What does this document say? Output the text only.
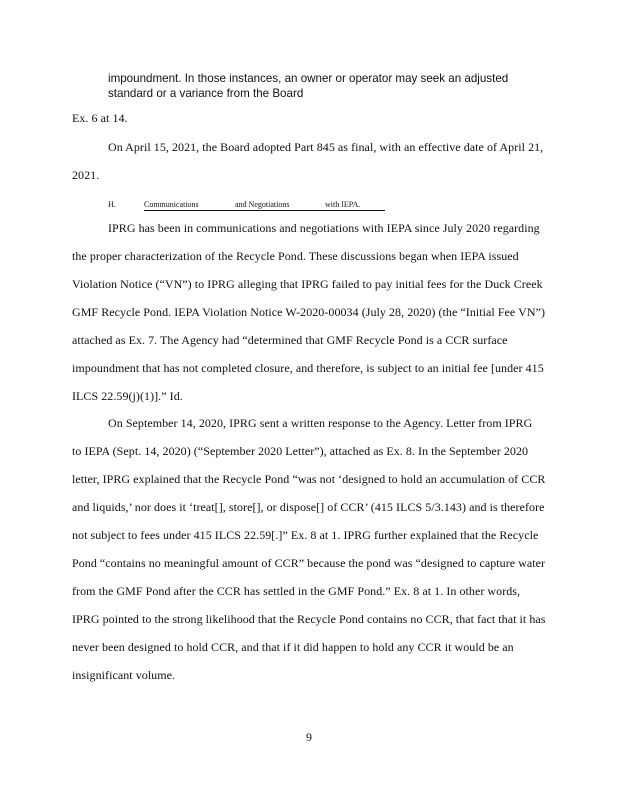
impoundment. In those instances, an owner or operator may seek an adjusted
standard or a variance from the Board
Ex. 6 at 14.
On April 15, 2021, the Board adopted Part 845 as final, with an effective date of April 21,
2021.
H.	Communications	and Negotiations	with IEPA.
IPRG has been in communications and negotiations with IEPA since July 2020 regarding
the proper characterization of the Recycle Pond. These discussions began when IEPA issued
Violation Notice (“VN”) to IPRG alleging that IPRG failed to pay initial fees for the Duck Creek
GMF Recycle Pond. IEPA Violation Notice W-2020-00034 (July 28, 2020) (the “Initial Fee VN”)
attached as Ex. 7. The Agency had “determined that GMF Recycle Pond is a CCR surface
impoundment that has not completed closure, and therefore, is subject to an initial fee [under 415
ILCS 22.59(j)(1)].” Id.
On September 14, 2020, IPRG sent a written response to the Agency. Letter from IPRG
to IEPA (Sept. 14, 2020) (“September 2020 Letter”), attached as Ex. 8. In the September 2020
letter, IPRG explained that the Recycle Pond “was not ‘designed to hold an accumulation of CCR
and liquids,’ nor does it ‘treat[], store[], or dispose[] of CCR’ (415 ILCS 5/3.143) and is therefore
not subject to fees under 415 ILCS 22.59[.]” Ex. 8 at 1. IPRG further explained that the Recycle
Pond “contains no meaningful amount of CCR” because the pond was “designed to capture water
from the GMF Pond after the CCR has settled in the GMF Pond.” Ex. 8 at 1. In other words,
IPRG pointed to the strong likelihood that the Recycle Pond contains no CCR, that fact that it has
never been designed to hold CCR, and that if it did happen to hold any CCR it would be an
insignificant volume.
9
